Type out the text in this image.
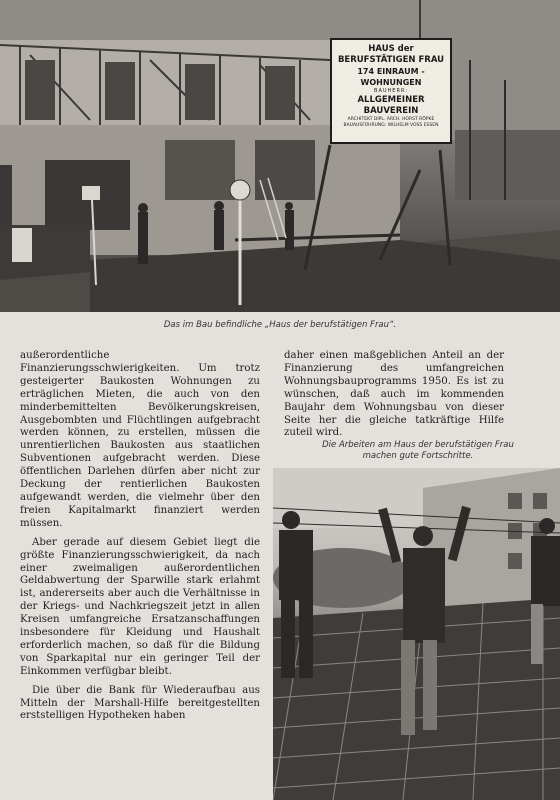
HAUS der BERUFSTÄTIGEN FRAU
174 EINRAUM - WOHNUNGEN
BAUHERR:
ALLGEMEINER BAUVEREIN
ARCHITEKT DIPL. ARCH. HORST RÖPKE BAUAUSFÜHRUNG: WILHELM VOSS ESSEN
Das im Bau befindliche „Haus der berufstätigen Frau“.

außerordentliche Finanzierungsschwierigkeiten. Um trotz gesteigerter Baukosten Wohnungen zu erträglichen Mieten, die auch von den minderbemittelten Bevölkerungskreisen, Ausgebombten und Flüchtlingen aufgebracht werden können, zu erstellen, müssen die unrentierlichen Baukosten aus staatlichen Subventionen aufgebracht werden. Diese öffentlichen Darlehen dürfen aber nicht zur Deckung der rentierlichen Baukosten aufgewandt werden, die vielmehr über den freien Kapitalmarkt finanziert werden müssen.

Aber gerade auf diesem Gebiet liegt die größte Finanzierungsschwierigkeit, da nach einer zweimaligen außerordentlichen Geldabwertung der Sparwille stark erlahmt ist, andererseits aber auch die Verhältnisse in der Kriegs- und Nachkriegszeit jetzt in allen Kreisen umfangreiche Ersatzanschaffungen insbesondere für Kleidung und Haushalt erforderlich machen, so daß für die Bildung von Sparkapital nur ein geringer Teil der Einkommen verfügbar bleibt.

Die über die Bank für Wiederaufbau aus Mitteln der Marshall-Hilfe bereitgestellten erststelligen Hypotheken haben

daher einen maßgeblichen Anteil an der Finanzierung des umfangreichen Wohnungsbauprogramms 1950. Es ist zu wünschen, daß auch im kommenden Baujahr dem Wohnungsbau von dieser Seite her die gleiche tatkräftige Hilfe zuteil wird.

Die Arbeiten am Haus der berufstätigen Frau
machen gute Fortschritte.
